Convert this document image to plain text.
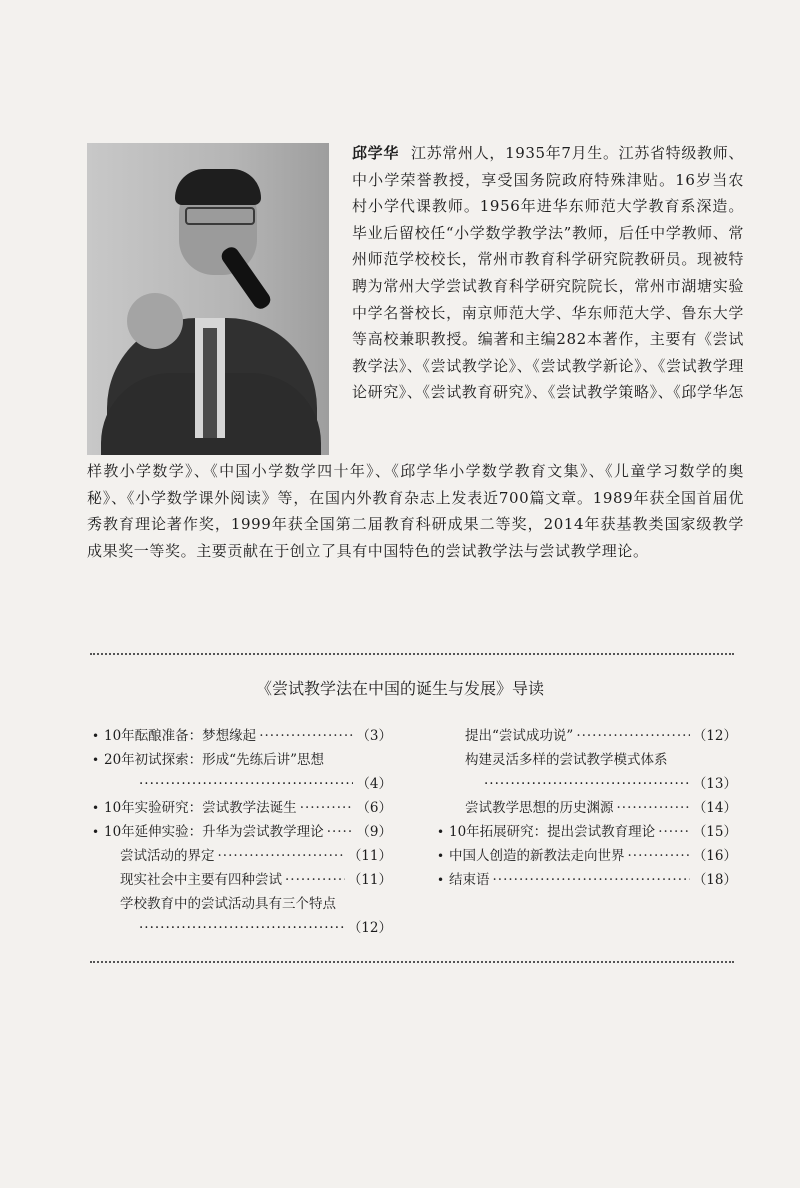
邱学华 江苏常州人，1935年7月生。江苏省特级教师、中小学荣誉教授，享受国务院政府特殊津贴。16岁当农村小学代课教师。1956年进华东师范大学教育系深造。毕业后留校任“小学数学教学法”教师，后任中学教师、常州师范学校校长，常州市教育科学研究院教研员。现被特聘为常州大学尝试教育科学研究院院长，常州市湖塘实验中学名誉校长，南京师范大学、华东师范大学、鲁东大学等高校兼职教授。编著和主编282本著作，主要有《尝试教学法》、《尝试教学论》、《尝试教学新论》、《尝试教学理论研究》、《尝试教育研究》、《尝试教学策略》、《邱学华怎
样教小学数学》、《中国小学数学四十年》、《邱学华小学数学教育文集》、《儿童学习数学的奥秘》、《小学数学课外阅读》等，在国内外教育杂志上发表近700篇文章。1989年获全国首届优秀教育理论著作奖，1999年获全国第二届教育科研成果二等奖，2014年获基教类国家级教学成果奖一等奖。主要贡献在于创立了具有中国特色的尝试教学法与尝试教学理论。
《尝试教学法在中国的诞生与发展》导读
• 10年酝酿准备：梦想缘起 ·····	（3）
• 20年初试探索：形成“先练后讲”思想
·····
（4）
• 10年实验研究：尝试教学法诞生 ·····	（6）
• 10年延伸实验：升华为尝试教学理论 ····· （9）
尝试活动的界定 ·····	（11）
现实社会中主要有四种尝试 ·····	（11）
学校教育中的尝试活动具有三个特点
·····
（12）
提出“尝试成功说” ·····	（12）
构建灵活多样的尝试教学模式体系
·····
（13）
尝试教学思想的历史渊源 ·····	（14）
• 10年拓展研究：提出尝试教育理论 ·····	（15）
• 中国人创造的新教法走向世界 ·····	（16）
• 结束语 ·····	（18）
